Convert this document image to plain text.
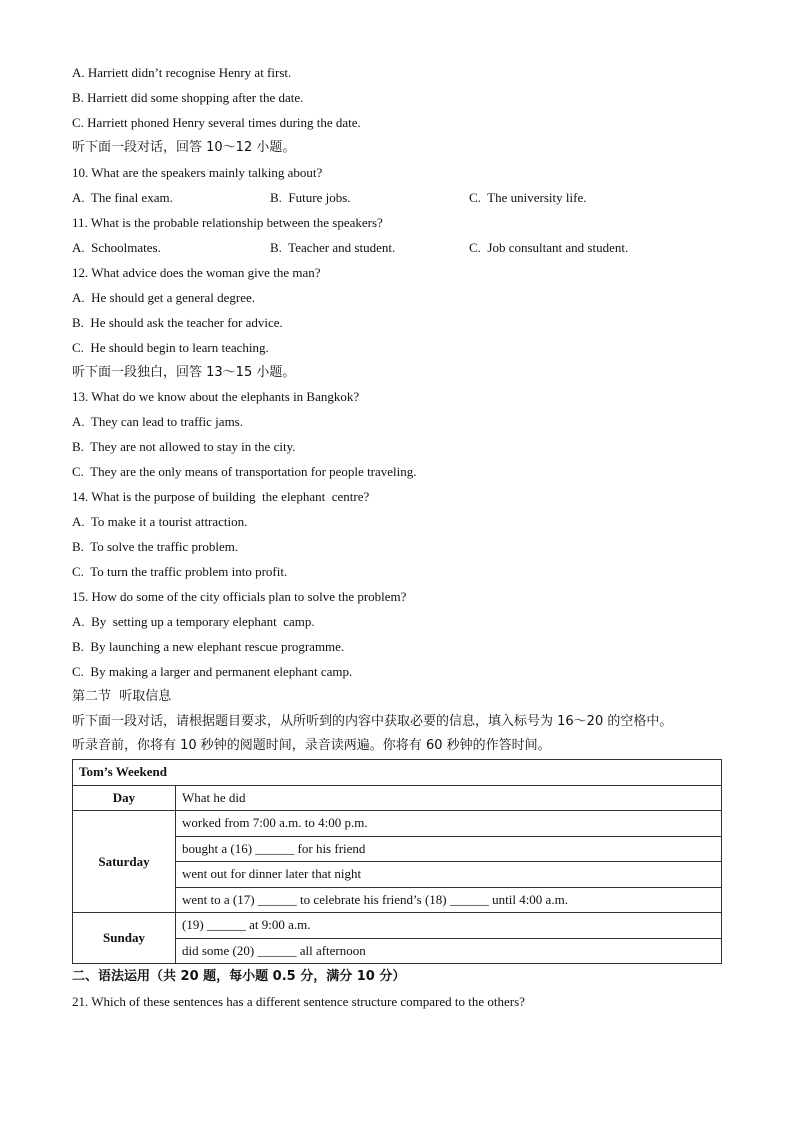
A. Harriett didn’t recognise Henry at first.
B. Harriett did some shopping after the date.
C. Harriett phoned Henry several times during the date.
听下面一段对话，回答 10～12 小题。
10. What are the speakers mainly talking about?
A.  The final exam.	B.  Future jobs.	C.  The university life.
11. What is the probable relationship between the speakers?
A.  Schoolmates.	B.  Teacher and student.	C.  Job consultant and student.
12. What advice does the woman give the man?
A.  He should get a general degree.
B.  He should ask the teacher for advice.
C.  He should begin to learn teaching.
听下面一段独白，回答 13～15 小题。
13. What do we know about the elephants in Bangkok?
A.  They can lead to traffic jams.
B.  They are not allowed to stay in the city.
C.  They are the only means of transportation for people traveling.
14. What is the purpose of building  the elephant  centre?
A.  To make it a tourist attraction.
B.  To solve the traffic problem.
C.  To turn the traffic problem into profit.
15. How do some of the city officials plan to solve the problem?
A.  By  setting up a temporary elephant  camp.
B.  By launching a new elephant rescue programme.
C.  By making a larger and permanent elephant camp.
第二节  听取信息
听下面一段对话，请根据题目要求，从所听到的内容中获取必要的信息，填入标号为 16～20 的空格中。
听录音前，你将有 10 秒钟的阅题时间，录音读两遍。你将有 60 秒钟的作答时间。
Tom’s Weekend	
Day	What he did
Saturday	worked from 7:00 a.m. to 4:00 p.m.
	bought a (16) ______ for his friend
	went out for dinner later that night
	went to a (17) ______ to celebrate his friend’s (18) ______ until 4:00 a.m.
Sunday	(19) ______ at 9:00 a.m.
	did some (20) ______ all afternoon
二、语法运用（共 20 题，每小题 0.5 分，满分 10 分）
21. Which of these sentences has a different sentence structure compared to the others?
